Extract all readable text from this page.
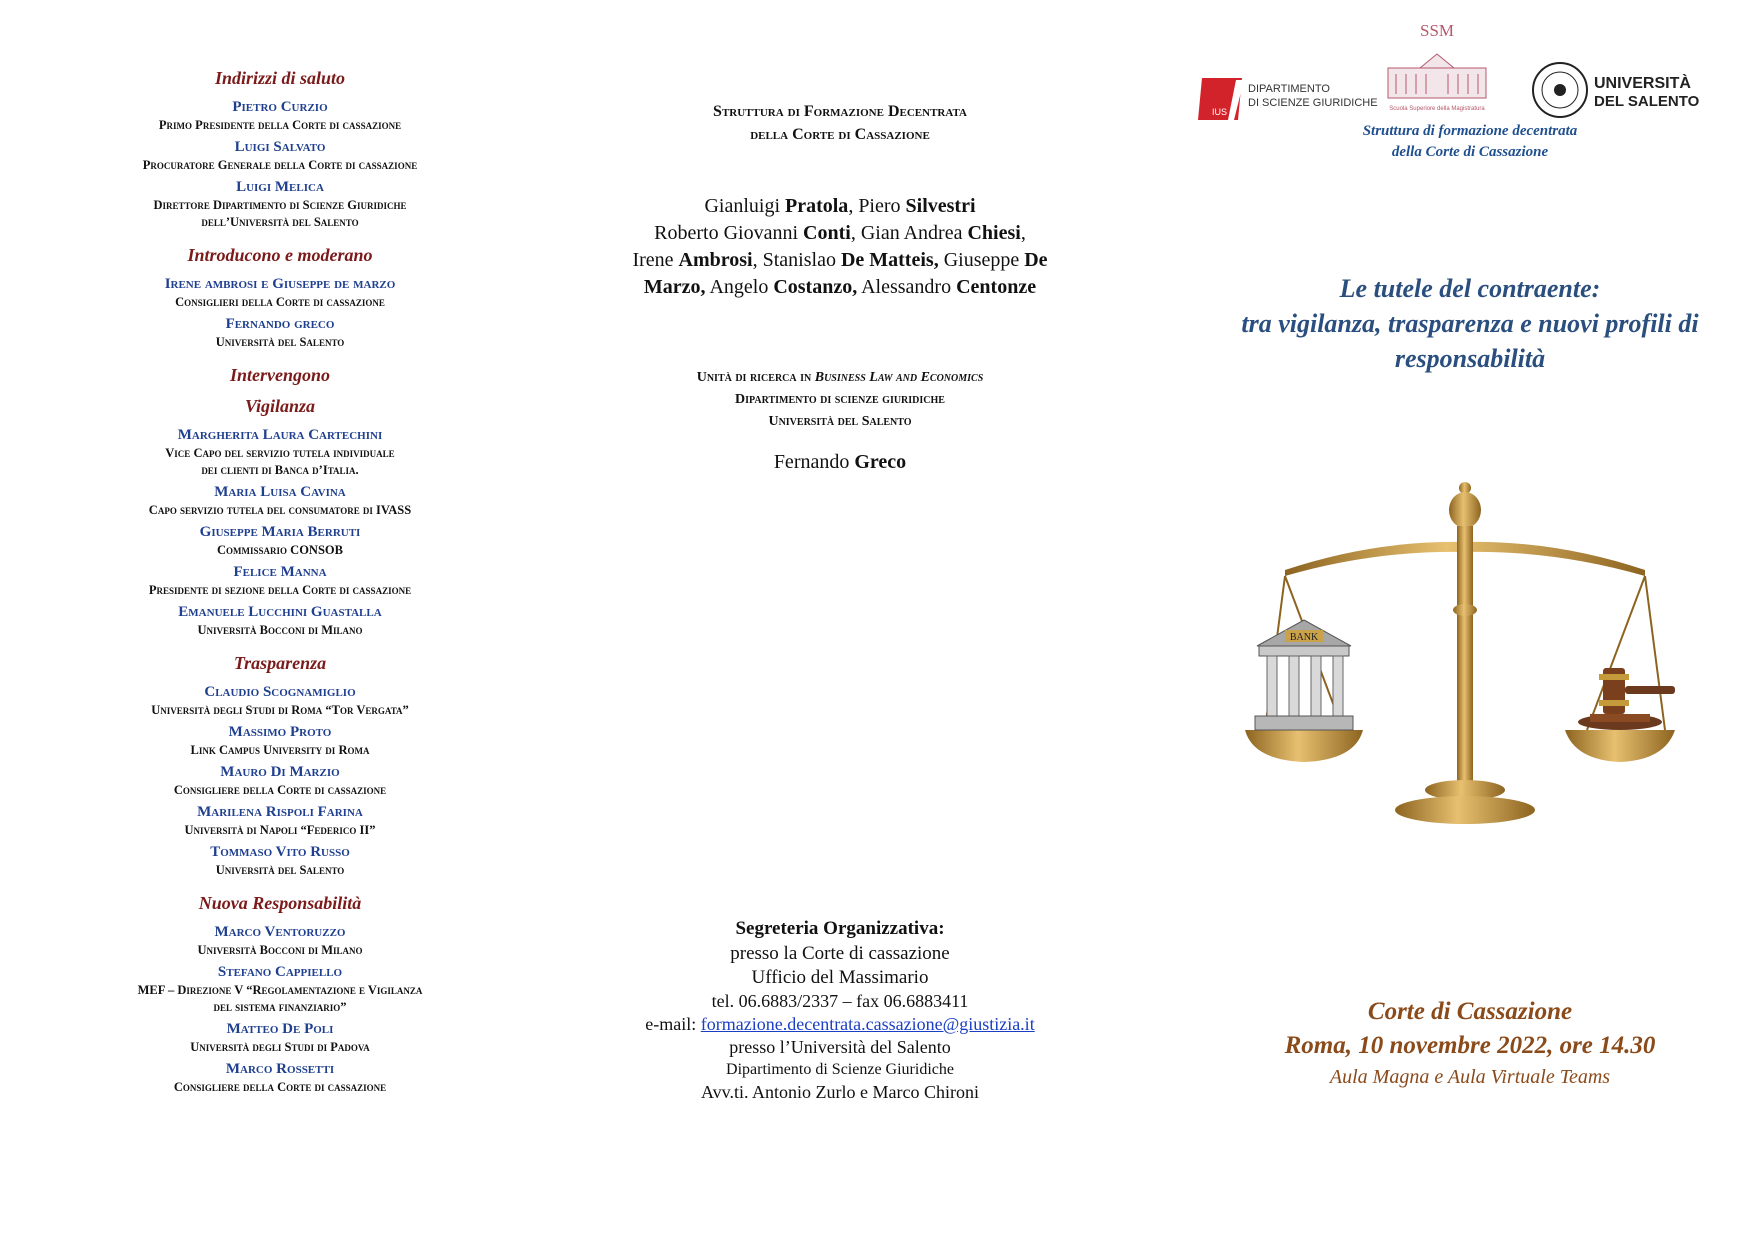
Indirizzi di saluto
Pietro Curzio
Primo Presidente della Corte di cassazione
Luigi Salvato
Procuratore Generale della Corte di cassazione
Luigi Melica
Direttore Dipartimento di Scienze Giuridiche
dell’Università del Salento
Introducono e moderano
Irene ambrosi e Giuseppe de marzo
Consiglieri della Corte di cassazione
Fernando greco
Università del Salento
Intervengono
Vigilanza
Margherita Laura Cartechini
Vice Capo del servizio tutela individuale
dei clienti di Banca d’Italia.
Maria Luisa Cavina
Capo servizio tutela del consumatore di IVASS
Giuseppe Maria Berruti
Commissario CONSOB
Felice Manna
Presidente di sezione della Corte di cassazione
Emanuele Lucchini Guastalla
Università Bocconi di Milano
Trasparenza
Claudio Scognamiglio
Università degli Studi di Roma “Tor Vergata”
Massimo Proto
Link Campus University di Roma
Mauro Di Marzio
Consigliere della Corte di cassazione
Marilena Rispoli Farina
Università di Napoli “Federico II”
Tommaso Vito Russo
Università del Salento
Nuova Responsabilità
Marco Ventoruzzo
Università Bocconi di Milano
Stefano Cappiello
MEF – Direzione V “Regolamentazione e Vigilanza
del sistema finanziario”
Matteo De Poli
Università degli Studi di Padova
Marco Rossetti
Consigliere della Corte di cassazione
Struttura di Formazione Decentrata
della Corte di Cassazione
Gianluigi Pratola, Piero Silvestri
Roberto Giovanni Conti, Gian Andrea Chiesi,
Irene Ambrosi, Stanislao De Matteis, Giuseppe De
Marzo, Angelo Costanzo, Alessandro Centonze
Unità di ricerca in Business Law and Economics
Dipartimento di scienze giuridiche
Università del Salento
Fernando Greco
Segreteria Organizzativa:
presso la Corte di cassazione
Ufficio del Massimario
tel. 06.6883/2337 – fax 06.6883411
e-mail: formazione.decentrata.cassazione@giustizia.it
presso l’Università del Salento
Dipartimento di Scienze Giuridiche
Avv.ti. Antonio Zurlo e Marco Chironi
IUS
DIPARTIMENTO
DI SCIENZE GIURIDICHE
SSM
Scuola Superiore della Magistratura
UNIVERSITÀ
DEL SALENTO
Struttura di formazione decentrata
della Corte di Cassazione
Le tutele del contraente:
tra vigilanza, trasparenza e nuovi profili di
responsabilità
BANK
Corte di Cassazione
Roma, 10 novembre 2022, ore 14.30
Aula Magna e Aula Virtuale Teams
